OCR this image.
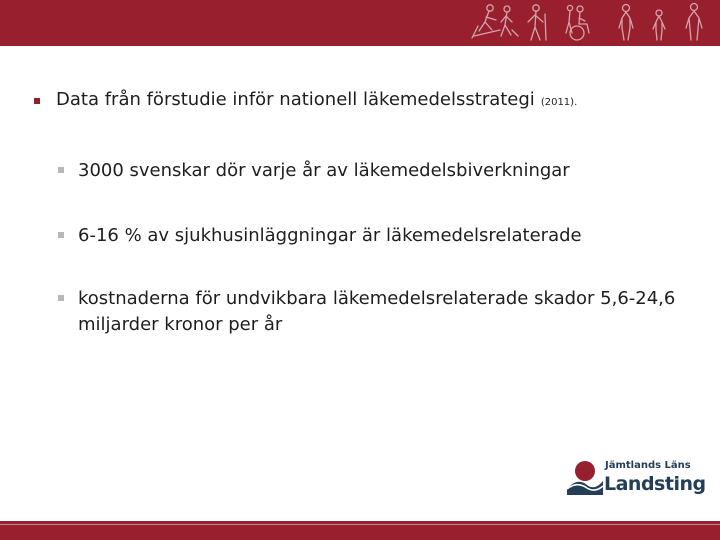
Data från förstudie inför nationell läkemedelsstrategi (2011).
3000 svenskar dör varje år av läkemedelsbiverkningar
6-16 % av sjukhusinläggningar är läkemedelsrelaterade
kostnaderna för undvikbara läkemedelsrelaterade skador 5,6-24,6 miljarder kronor per år
Jämtlands Läns
Landsting
